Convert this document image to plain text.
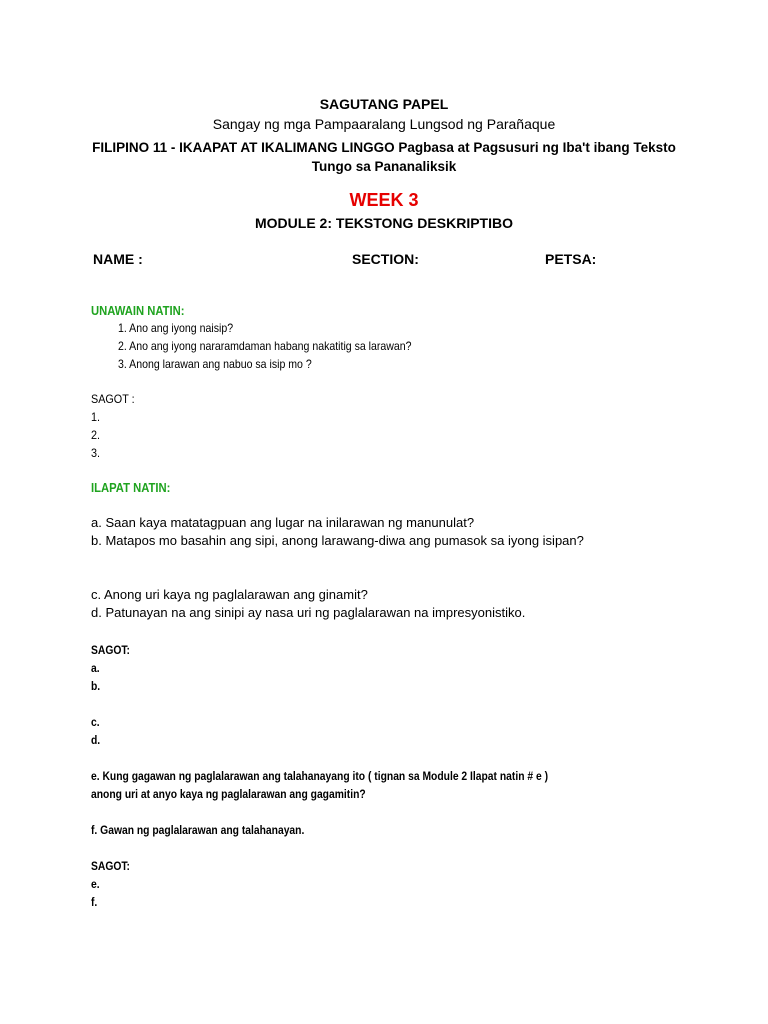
SAGUTANG PAPEL
Sangay ng mga Pampaaralang Lungsod ng Parañaque
FILIPINO 11 - IKAAPAT AT IKALIMANG LINGGO Pagbasa at Pagsusuri ng Iba't ibang Teksto Tungo sa Pananaliksik
WEEK 3
MODULE 2: TEKSTONG DESKRIPTIBO
NAME :	SECTION:	PETSA:
UNAWAIN NATIN:
1. Ano ang iyong naisip?
2. Ano ang iyong nararamdaman habang nakatitig sa larawan?
3. Anong larawan ang nabuo sa isip mo ?
SAGOT :
1.
2.
3.
ILAPAT NATIN:
a. Saan kaya matatagpuan ang lugar na inilarawan ng manunulat?
b. Matapos mo basahin ang sipi, anong larawang-diwa ang pumasok sa iyong isipan?
c. Anong uri kaya ng paglalarawan ang ginamit?
d. Patunayan na ang sinipi ay nasa uri ng paglalarawan na impresyonistiko.
SAGOT:
a.
b.
c.
d.
e. Kung gagawan ng paglalarawan ang talahanayang ito ( tignan sa Module 2 Ilapat natin # e )
anong uri at anyo kaya ng paglalarawan ang gagamitin?
f. Gawan ng paglalarawan ang talahanayan.
SAGOT:
e.
f.
